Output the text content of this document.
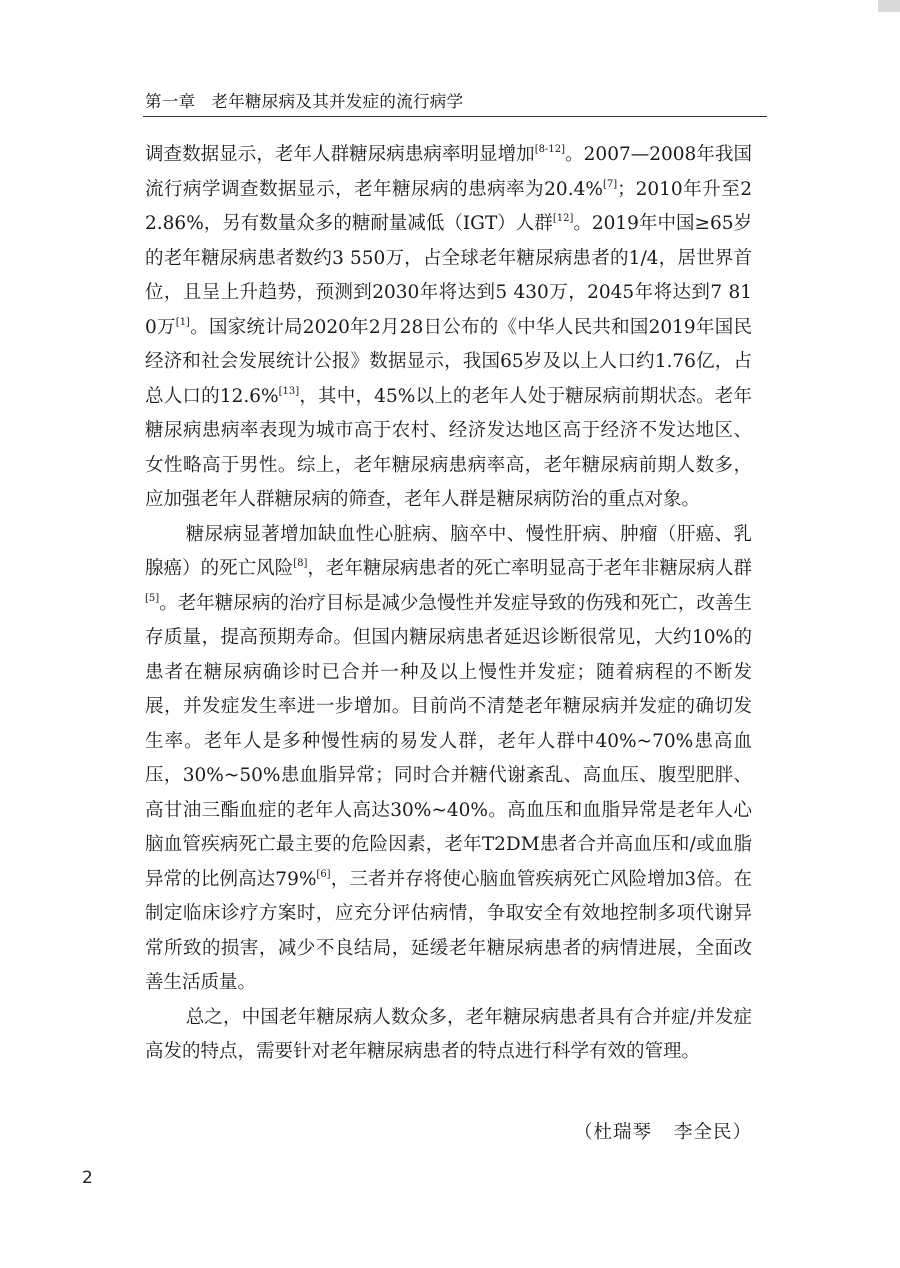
第一章 老年糖尿病及其并发症的流行病学

调查数据显示，老年人群糖尿病患病率明显增加[8-12]。2007—2008年我国流行病学调查数据显示，老年糖尿病的患病率为20.4%[7]；2010年升至22.86%，另有数量众多的糖耐量减低（IGT）人群[12]。2019年中国≥65岁的老年糖尿病患者数约3 550万，占全球老年糖尿病患者的1/4，居世界首位，且呈上升趋势，预测到2030年将达到5 430万，2045年将达到7 810万[1]。国家统计局2020年2月28日公布的《中华人民共和国2019年国民经济和社会发展统计公报》数据显示，我国65岁及以上人口约1.76亿，占总人口的12.6%[13]，其中，45%以上的老年人处于糖尿病前期状态。老年糖尿病患病率表现为城市高于农村、经济发达地区高于经济不发达地区、女性略高于男性。综上，老年糖尿病患病率高，老年糖尿病前期人数多，应加强老年人群糖尿病的筛查，老年人群是糖尿病防治的重点对象。

糖尿病显著增加缺血性心脏病、脑卒中、慢性肝病、肿瘤（肝癌、乳腺癌）的死亡风险[8]，老年糖尿病患者的死亡率明显高于老年非糖尿病人群[5]。老年糖尿病的治疗目标是减少急慢性并发症导致的伤残和死亡，改善生存质量，提高预期寿命。但国内糖尿病患者延迟诊断很常见，大约10%的患者在糖尿病确诊时已合并一种及以上慢性并发症；随着病程的不断发展，并发症发生率进一步增加。目前尚不清楚老年糖尿病并发症的确切发生率。老年人是多种慢性病的易发人群，老年人群中40%~70%患高血压，30%~50%患血脂异常；同时合并糖代谢紊乱、高血压、腹型肥胖、高甘油三酯血症的老年人高达30%~40%。高血压和血脂异常是老年人心脑血管疾病死亡最主要的危险因素，老年T2DM患者合并高血压和/或血脂异常的比例高达79%[6]，三者并存将使心脑血管疾病死亡风险增加3倍。在制定临床诊疗方案时，应充分评估病情，争取安全有效地控制多项代谢异常所致的损害，减少不良结局，延缓老年糖尿病患者的病情进展，全面改善生活质量。

总之，中国老年糖尿病人数众多，老年糖尿病患者具有合并症/并发症高发的特点，需要针对老年糖尿病患者的特点进行科学有效的管理。

（杜瑞琴 李全民）
2
